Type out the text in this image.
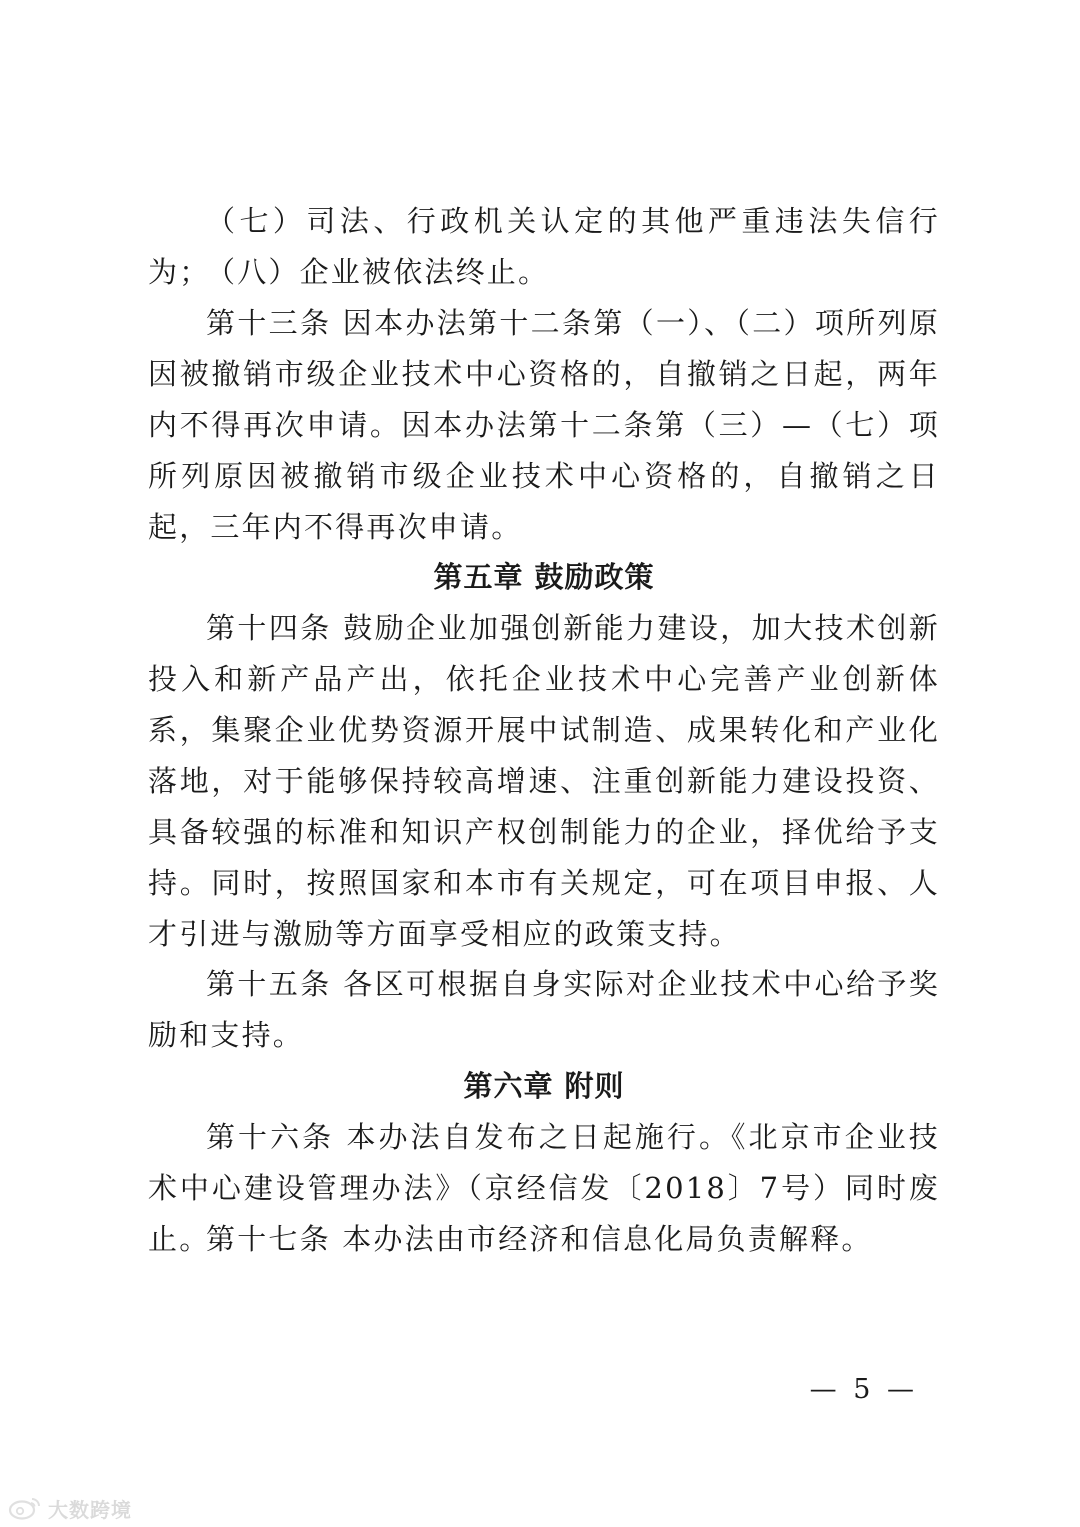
（七）司法、行政机关认定的其他严重违法失信行为；

（八）企业被依法终止。

第十三条 因本办法第十二条第（一）、（二）项所列原因被撤销市级企业技术中心资格的，自撤销之日起，两年内不得再次申请。因本办法第十二条第（三）—（七）项所列原因被撤销市级企业技术中心资格的，自撤销之日起，三年内不得再次申请。

第五章 鼓励政策

第十四条 鼓励企业加强创新能力建设，加大技术创新投入和新产品产出，依托企业技术中心完善产业创新体系，集聚企业优势资源开展中试制造、成果转化和产业化落地，对于能够保持较高增速、注重创新能力建设投资、具备较强的标准和知识产权创制能力的企业，择优给予支持。同时，按照国家和本市有关规定，可在项目申报、人才引进与激励等方面享受相应的政策支持。

第十五条 各区可根据自身实际对企业技术中心给予奖励和支持。

第六章 附则

第十六条 本办法自发布之日起施行。《北京市企业技术中心建设管理办法》（京经信发〔2018〕7号）同时废止。

第十七条 本办法由市经济和信息化局负责解释。

— 5 —
大数跨境
